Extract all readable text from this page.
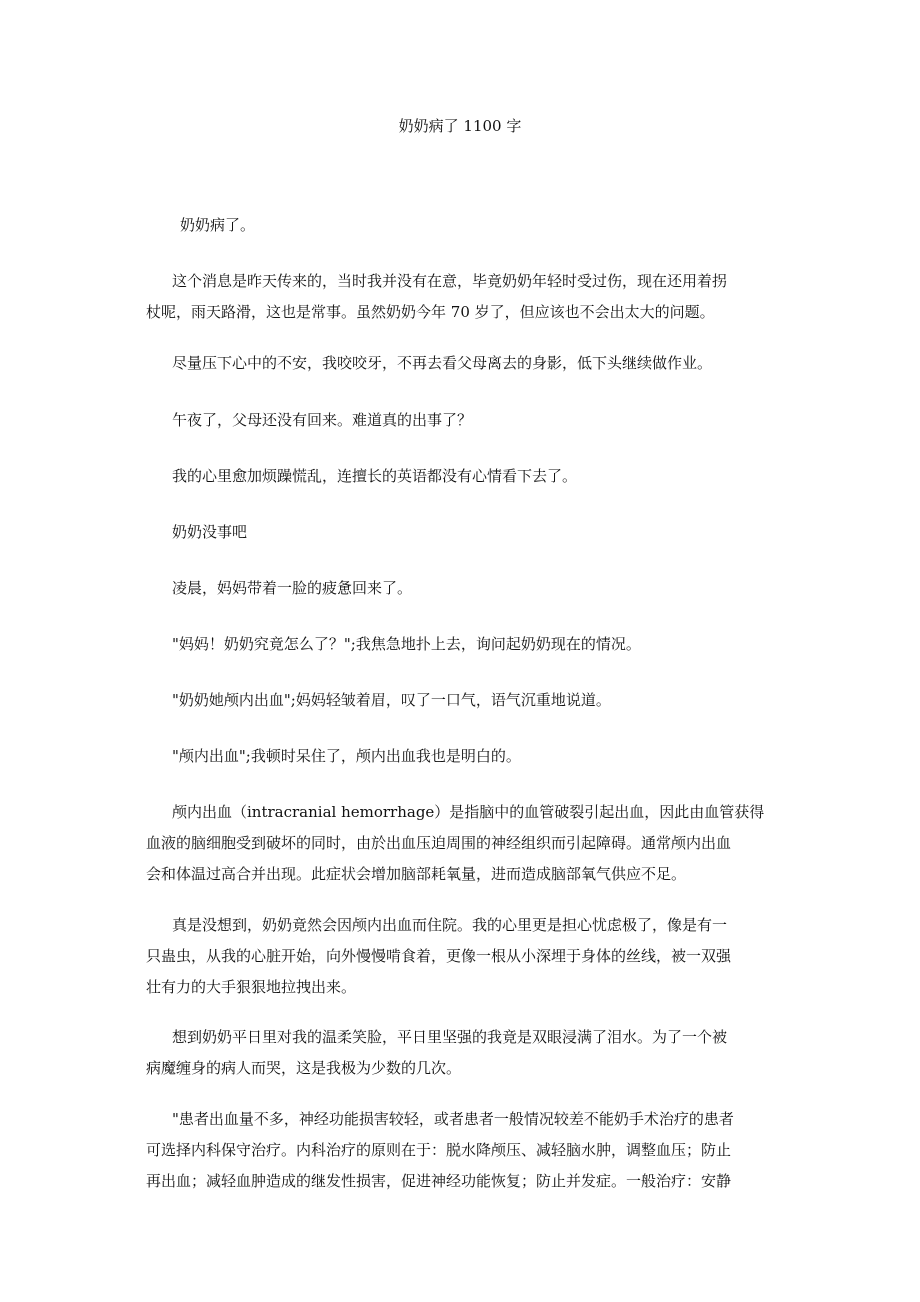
奶奶病了 1100 字
奶奶病了。
这个消息是昨天传来的，当时我并没有在意，毕竟奶奶年轻时受过伤，现在还用着拐
杖呢，雨天路滑，这也是常事。虽然奶奶今年 70 岁了，但应该也不会出太大的问题。
尽量压下心中的不安，我咬咬牙，不再去看父母离去的身影，低下头继续做作业。
午夜了，父母还没有回来。难道真的出事了？
我的心里愈加烦躁慌乱，连擅长的英语都没有心情看下去了。
奶奶没事吧
凌晨，妈妈带着一脸的疲惫回来了。
"妈妈！奶奶究竟怎么了？";我焦急地扑上去，询问起奶奶现在的情况。
"奶奶她颅内出血";妈妈轻皱着眉，叹了一口气，语气沉重地说道。
"颅内出血";我顿时呆住了，颅内出血我也是明白的。
颅内出血（intracranial hemorrhage）是指脑中的血管破裂引起出血，因此由血管获得
血液的脑细胞受到破坏的同时，由於出血压迫周围的神经组织而引起障碍。通常颅内出血
会和体温过高合并出现。此症状会增加脑部耗氧量，进而造成脑部氧气供应不足。
真是没想到，奶奶竟然会因颅内出血而住院。我的心里更是担心忧虑极了，像是有一
只蛊虫，从我的心脏开始，向外慢慢啃食着，更像一根从小深埋于身体的丝线，被一双强
壮有力的大手狠狠地拉拽出来。
想到奶奶平日里对我的温柔笑脸，平日里坚强的我竟是双眼浸满了泪水。为了一个被
病魔缠身的病人而哭，这是我极为少数的几次。
"患者出血量不多，神经功能损害较轻，或者患者一般情况较差不能奶手术治疗的患者
可选择内科保守治疗。内科治疗的原则在于：脱水降颅压、减轻脑水肿，调整血压；防止
再出血；减轻血肿造成的继发性损害，促进神经功能恢复；防止并发症。一般治疗：安静
